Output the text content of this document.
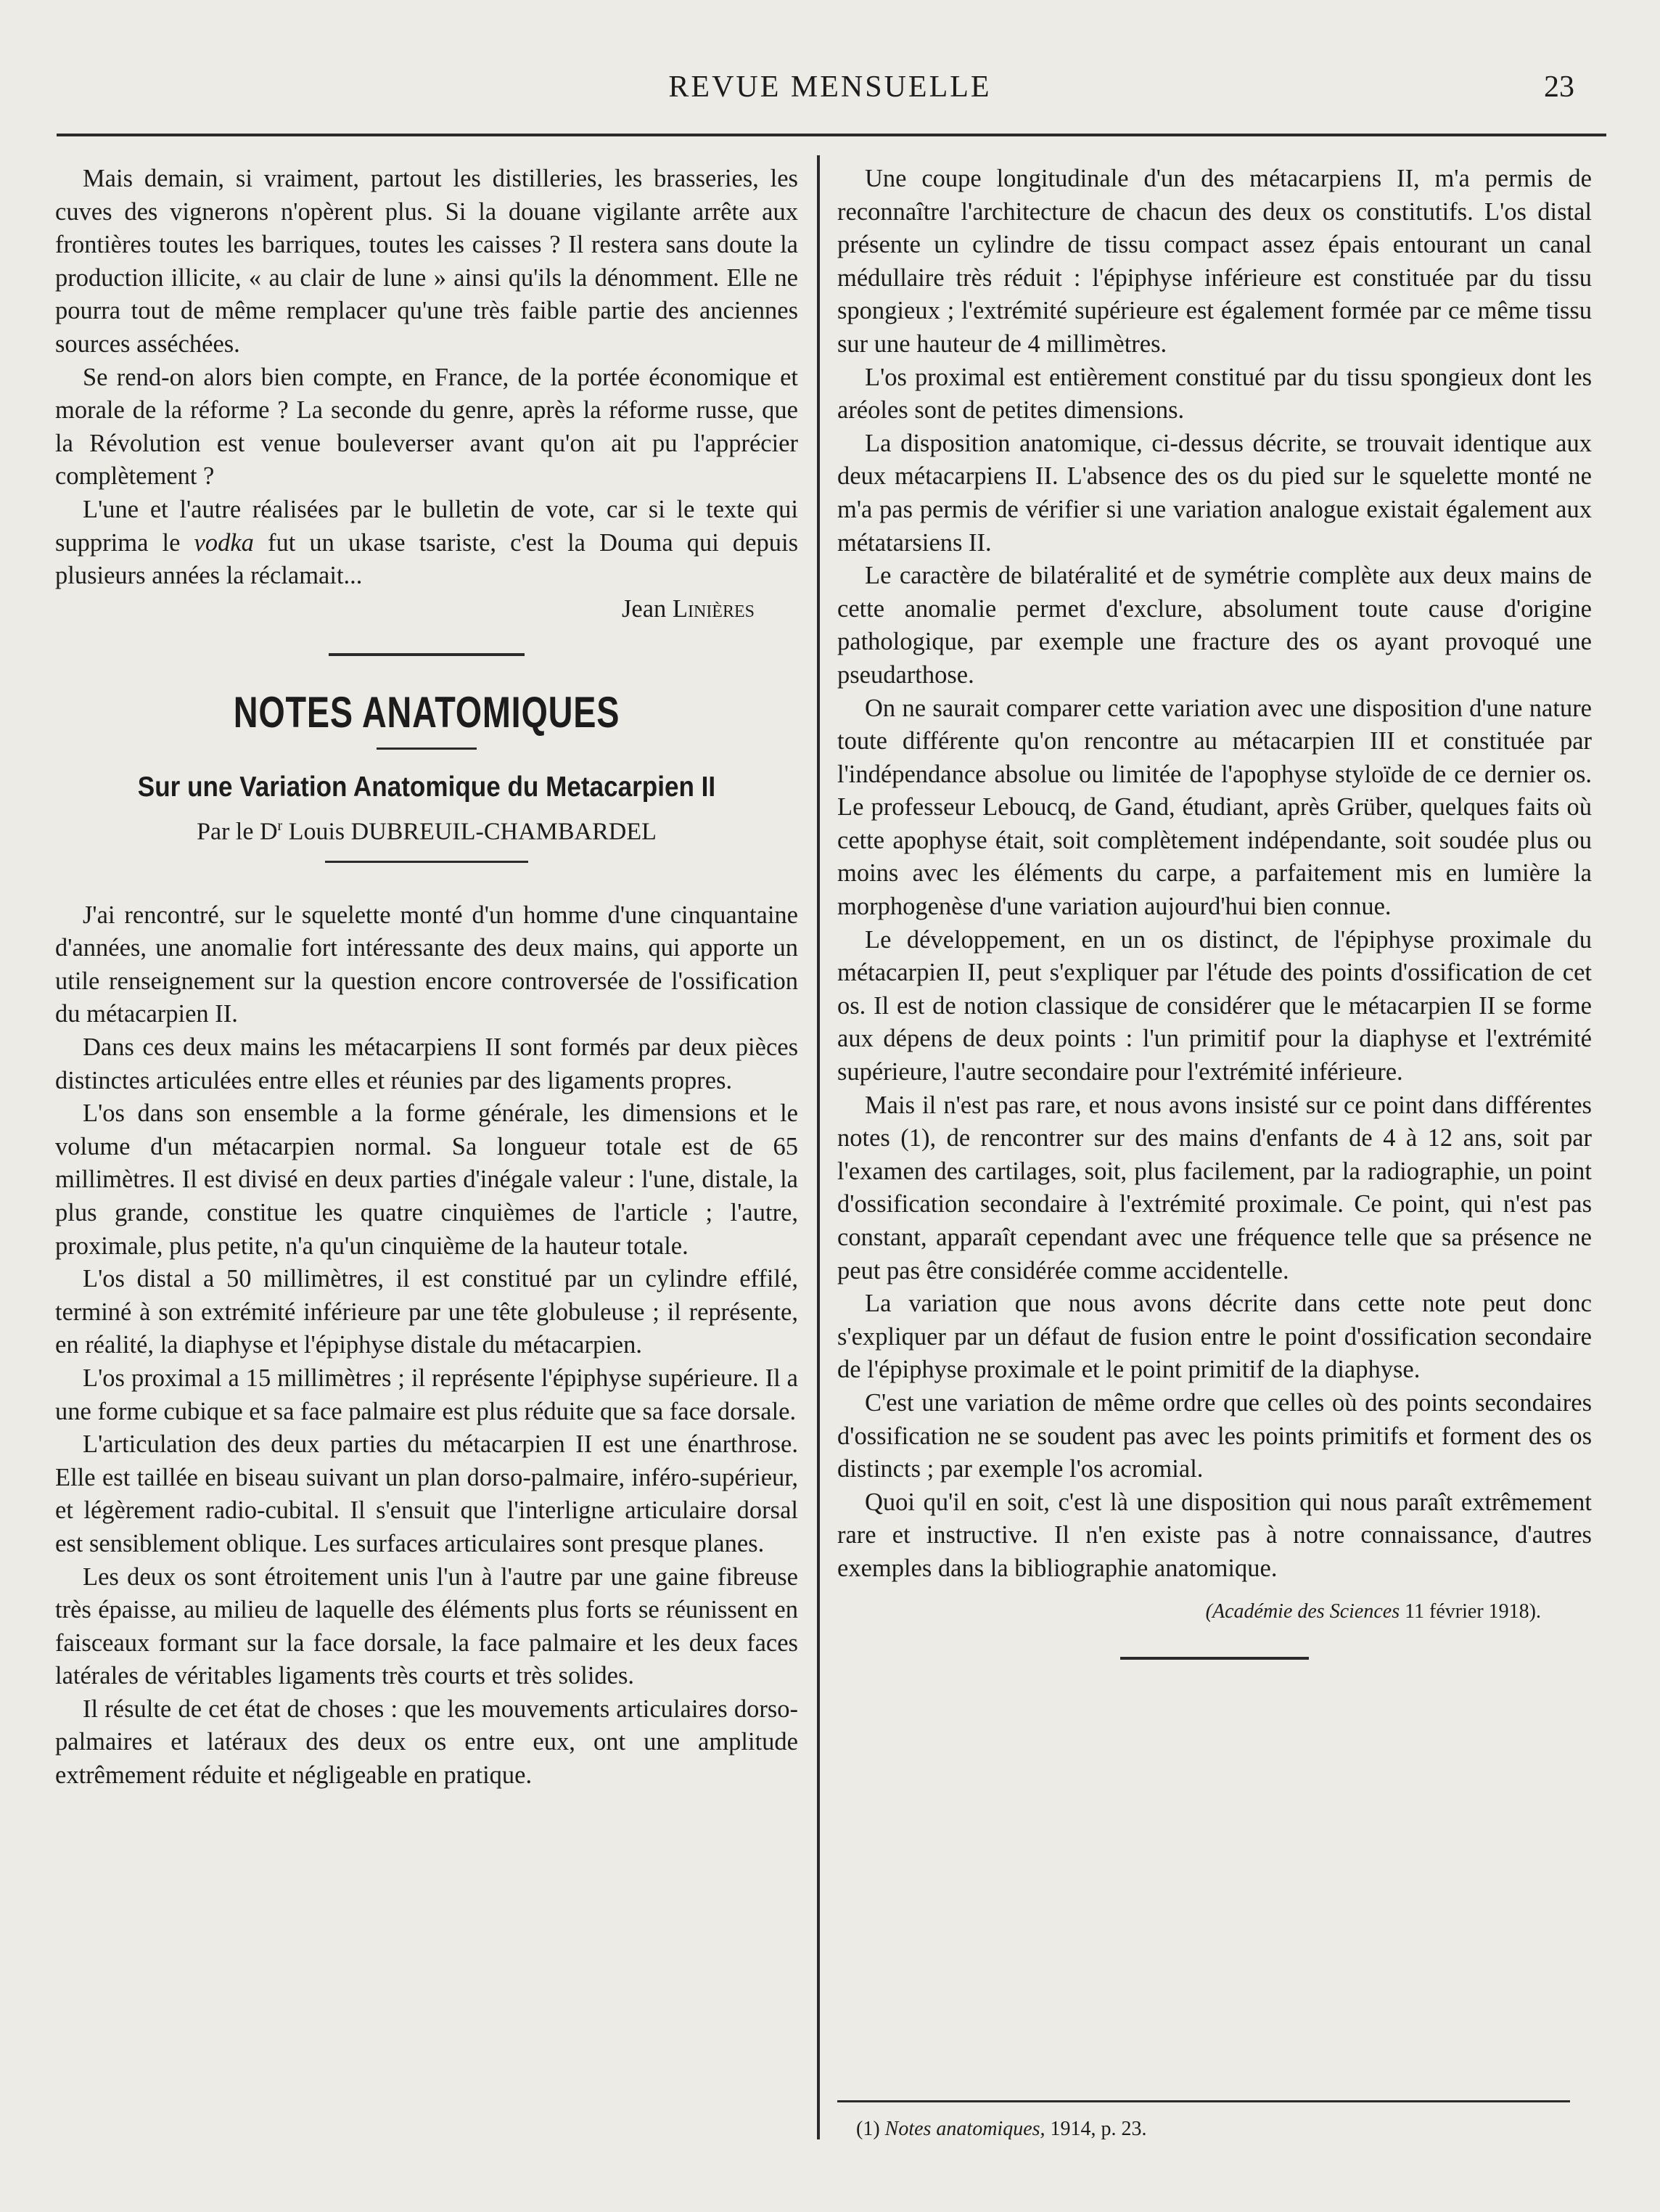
REVUE MENSUELLE	23

Mais demain, si vraiment, partout les distilleries, les brasseries, les cuves des vignerons n'opèrent plus. Si la douane vigilante arrête aux frontières toutes les barriques, toutes les caisses ? Il restera sans doute la production illicite, « au clair de lune » ainsi qu'ils la dénomment. Elle ne pourra tout de même remplacer qu'une très faible partie des anciennes sources asséchées.

Se rend-on alors bien compte, en France, de la portée économique et morale de la réforme ? La seconde du genre, après la réforme russe, que la Révolution est venue bouleverser avant qu'on ait pu l'apprécier complètement ?

L'une et l'autre réalisées par le bulletin de vote, car si le texte qui supprima le vodka fut un ukase tsariste, c'est la Douma qui depuis plusieurs années la réclamait...

Jean Linières

NOTES ANATOMIQUES
Sur une Variation Anatomique du Metacarpien II
Par le $D^r$ Louis DUBREUIL-CHAMBARDEL

J'ai rencontré, sur le squelette monté d'un homme d'une cinquantaine d'années, une anomalie fort intéressante des deux mains, qui apporte un utile renseignement sur la question encore controversée de l'ossification du métacarpien II.

Dans ces deux mains les métacarpiens II sont formés par deux pièces distinctes articulées entre elles et réunies par des ligaments propres.

L'os dans son ensemble a la forme générale, les dimensions et le volume d'un métacarpien normal. Sa longueur totale est de 65 millimètres. Il est divisé en deux parties d'inégale valeur : l'une, distale, la plus grande, constitue les quatre cinquièmes de l'article ; l'autre, proximale, plus petite, n'a qu'un cinquième de la hauteur totale.

L'os distal a 50 millimètres, il est constitué par un cylindre effilé, terminé à son extrémité inférieure par une tête globuleuse ; il représente, en réalité, la diaphyse et l'épiphyse distale du métacarpien.

L'os proximal a 15 millimètres ; il représente l'épiphyse supérieure. Il a une forme cubique et sa face palmaire est plus réduite que sa face dorsale.

L'articulation des deux parties du métacarpien II est une énarthrose. Elle est taillée en biseau suivant un plan dorso-palmaire, inféro-supérieur, et légèrement radio-cubital. Il s'ensuit que l'interligne articulaire dorsal est sensiblement oblique. Les surfaces articulaires sont presque planes.

Les deux os sont étroitement unis l'un à l'autre par une gaine fibreuse très épaisse, au milieu de laquelle des éléments plus forts se réunissent en faisceaux formant sur la face dorsale, la face palmaire et les deux faces latérales de véritables ligaments très courts et très solides.

Il résulte de cet état de choses : que les mouvements articulaires dorso-palmaires et latéraux des deux os entre eux, ont une amplitude extrêmement réduite et négligeable en pratique.

Une coupe longitudinale d'un des métacarpiens II, m'a permis de reconnaître l'architecture de chacun des deux os constitutifs. L'os distal présente un cylindre de tissu compact assez épais entourant un canal médullaire très réduit : l'épiphyse inférieure est constituée par du tissu spongieux ; l'extrémité supérieure est également formée par ce même tissu sur une hauteur de 4 millimètres.

L'os proximal est entièrement constitué par du tissu spongieux dont les aréoles sont de petites dimensions.

La disposition anatomique, ci-dessus décrite, se trouvait identique aux deux métacarpiens II. L'absence des os du pied sur le squelette monté ne m'a pas permis de vérifier si une variation analogue existait également aux métatarsiens II.

Le caractère de bilatéralité et de symétrie complète aux deux mains de cette anomalie permet d'exclure, absolument toute cause d'origine pathologique, par exemple une fracture des os ayant provoqué une pseudarthose.

On ne saurait comparer cette variation avec une disposition d'une nature toute différente qu'on rencontre au métacarpien III et constituée par l'indépendance absolue ou limitée de l'apophyse styloïde de ce dernier os. Le professeur Leboucq, de Gand, étudiant, après Grüber, quelques faits où cette apophyse était, soit complètement indépendante, soit soudée plus ou moins avec les éléments du carpe, a parfaitement mis en lumière la morphogenèse d'une variation aujourd'hui bien connue.

Le développement, en un os distinct, de l'épiphyse proximale du métacarpien II, peut s'expliquer par l'étude des points d'ossification de cet os. Il est de notion classique de considérer que le métacarpien II se forme aux dépens de deux points : l'un primitif pour la diaphyse et l'extrémité supérieure, l'autre secondaire pour l'extrémité inférieure.

Mais il n'est pas rare, et nous avons insisté sur ce point dans différentes notes (1), de rencontrer sur des mains d'enfants de 4 à 12 ans, soit par l'examen des cartilages, soit, plus facilement, par la radiographie, un point d'ossification secondaire à l'extrémité proximale. Ce point, qui n'est pas constant, apparaît cependant avec une fréquence telle que sa présence ne peut pas être considérée comme accidentelle.

La variation que nous avons décrite dans cette note peut donc s'expliquer par un défaut de fusion entre le point d'ossification secondaire de l'épiphyse proximale et le point primitif de la diaphyse.

C'est une variation de même ordre que celles où des points secondaires d'ossification ne se soudent pas avec les points primitifs et forment des os distincts ; par exemple l'os acromial.

Quoi qu'il en soit, c'est là une disposition qui nous paraît extrêmement rare et instructive. Il n'en existe pas à notre connaissance, d'autres exemples dans la bibliographie anatomique.

(Académie des Sciences 11 février 1918).

(1) Notes anatomiques, 1914, p. 23.
